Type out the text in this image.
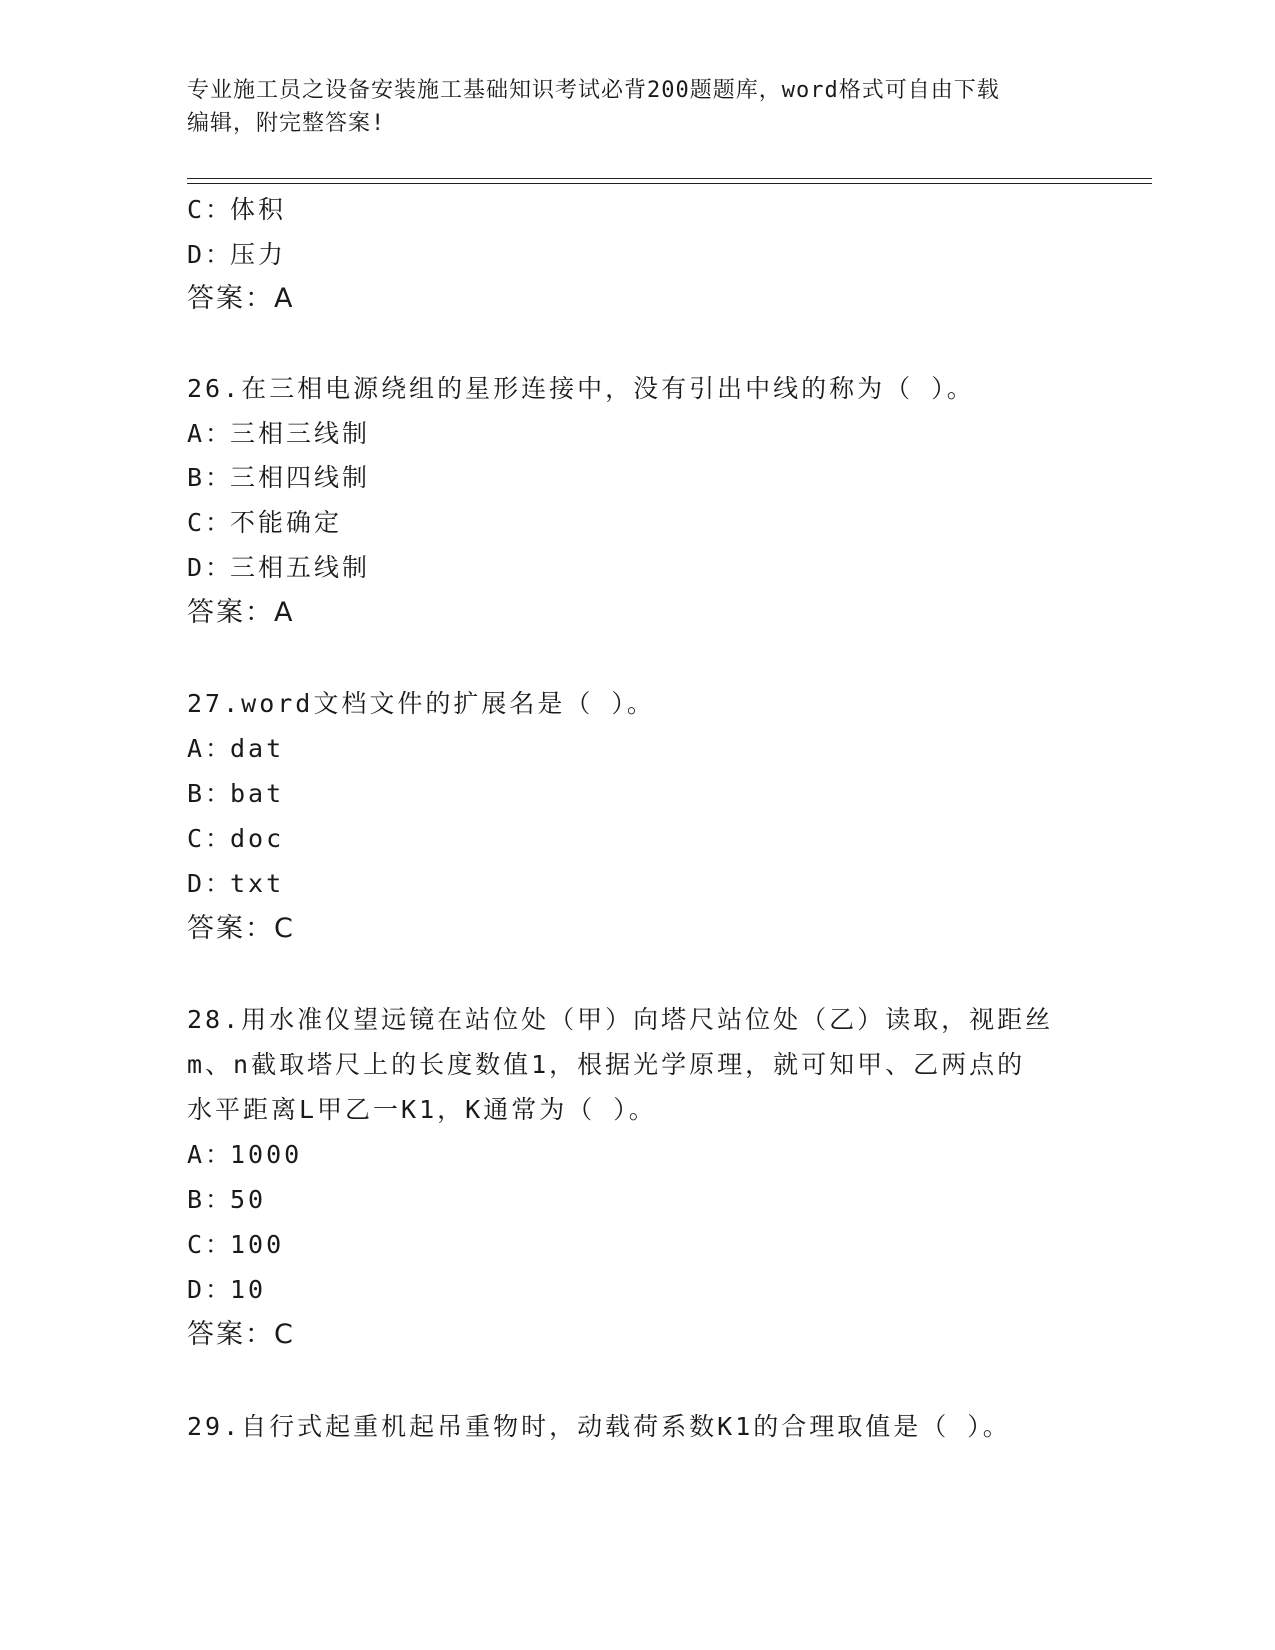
专业施工员之设备安装施工基础知识考试必背200题题库，word格式可自由下载
编辑，附完整答案!
C：体积
D：压力
答案：A
26.在三相电源绕组的星形连接中，没有引出中线的称为（ ）。
A：三相三线制
B：三相四线制
C：不能确定
D：三相五线制
答案：A
27.word文档文件的扩展名是（ ）。
A：dat
B：bat
C：doc
D：txt
答案：C
28.用水准仪望远镜在站位处（甲）向塔尺站位处（乙）读取，视距丝
m、n截取塔尺上的长度数值1，根据光学原理，就可知甲、乙两点的
水平距离L甲乙一K1，K通常为（ ）。
A：1000
B：50
C：100
D：10
答案：C
29.自行式起重机起吊重物时，动载荷系数K1的合理取值是（ ）。
